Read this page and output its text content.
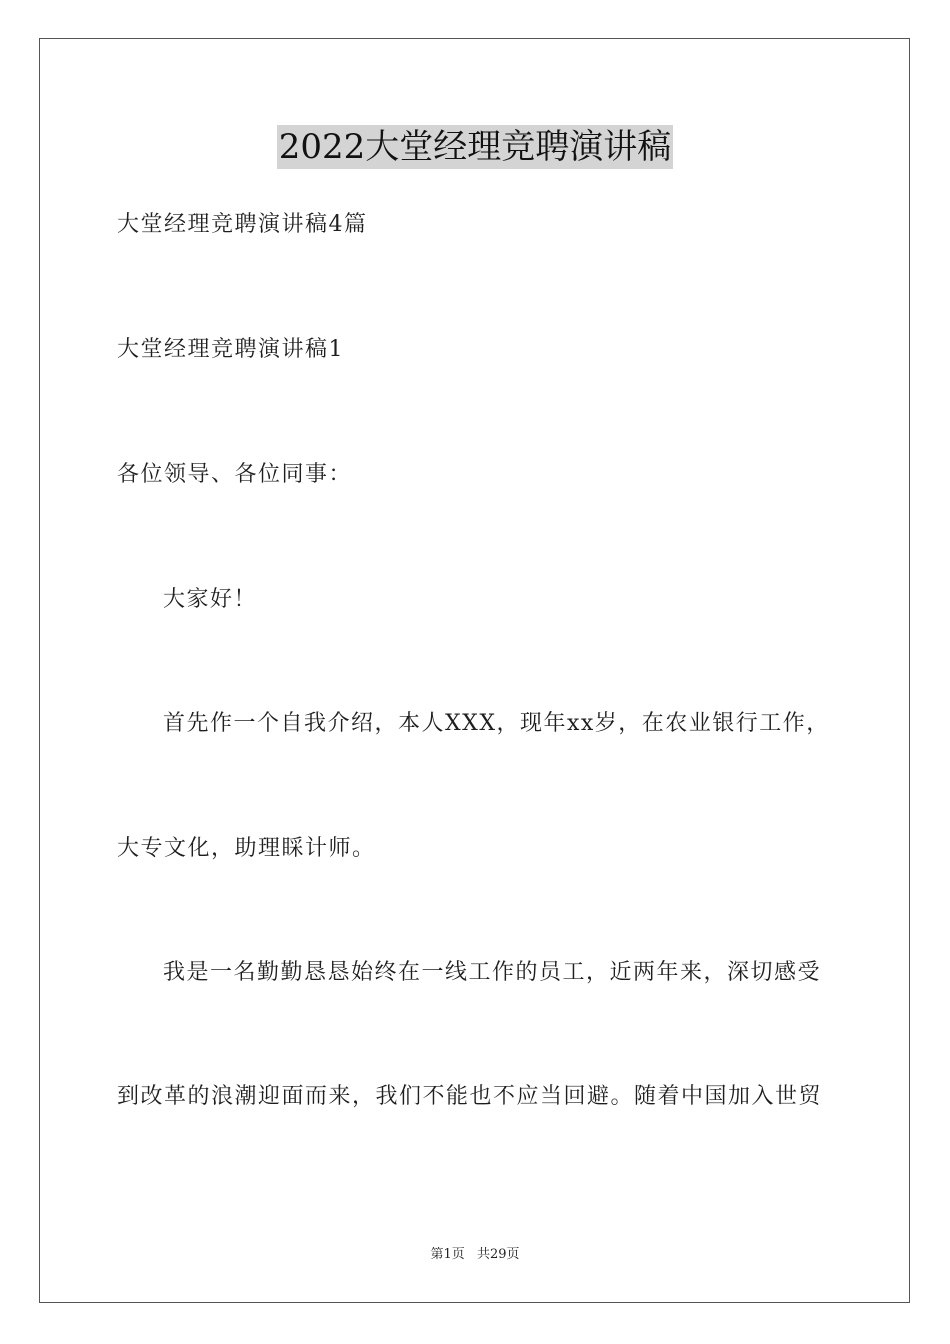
2022大堂经理竞聘演讲稿
大堂经理竞聘演讲稿4篇
大堂经理竞聘演讲稿1
各位领导、各位同事：
大家好！
首先作一个自我介绍，本人XXX，现年xx岁，在农业银行工作，
大专文化，助理睬计师。
我是一名勤勤恳恳始终在一线工作的员工，近两年来，深切感受
到改革的浪潮迎面而来，我们不能也不应当回避。随着中国加入世贸
第1页 共29页
